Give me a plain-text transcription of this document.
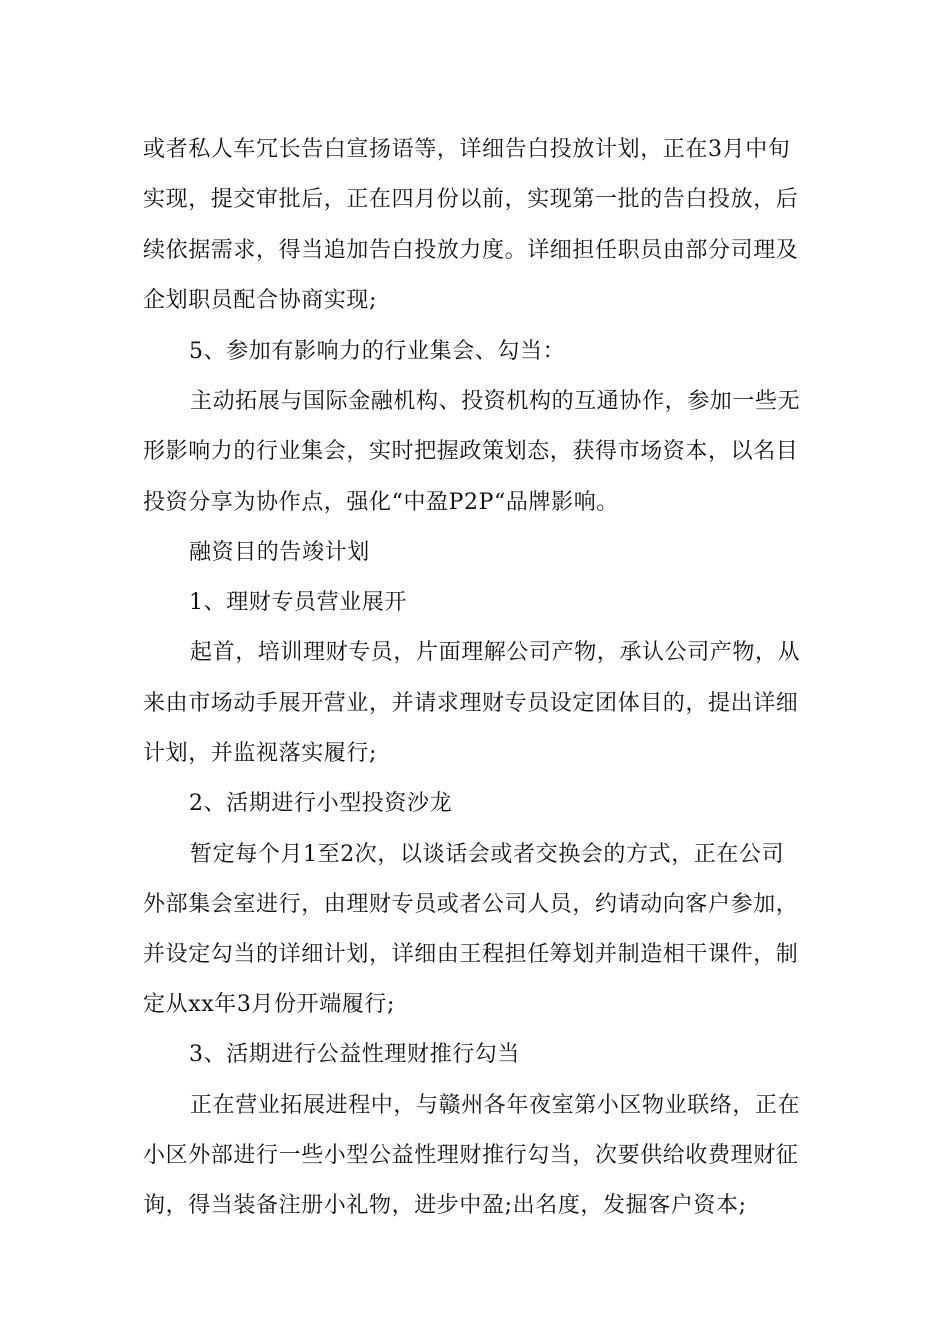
或者私人车冗长告白宣扬语等，详细告白投放计划，正在3月中旬
实现，提交审批后，正在四月份以前，实现第一批的告白投放，后
续依据需求，得当追加告白投放力度。详细担任职员由部分司理及
企划职员配合协商实现;
5、参加有影响力的行业集会、勾当：
主动拓展与国际金融机构、投资机构的互通协作，参加一些无
形影响力的行业集会，实时把握政策划态，获得市场资本，以名目
投资分享为协作点，强化“中盈P2P“品牌影响。
融资目的告竣计划
1、理财专员营业展开
起首，培训理财专员，片面理解公司产物，承认公司产物，从
来由市场动手展开营业，并请求理财专员设定团体目的，提出详细
计划，并监视落实履行;
2、活期进行小型投资沙龙
暂定每个月1至2次，以谈话会或者交换会的方式，正在公司
外部集会室进行，由理财专员或者公司人员，约请动向客户参加，
并设定勾当的详细计划，详细由王程担任筹划并制造相干课件，制
定从xx年3月份开端履行;
3、活期进行公益性理财推行勾当
正在营业拓展进程中，与赣州各年夜室第小区物业联络，正在
小区外部进行一些小型公益性理财推行勾当，次要供给收费理财征
询，得当装备注册小礼物，进步中盈;出名度，发掘客户资本;
